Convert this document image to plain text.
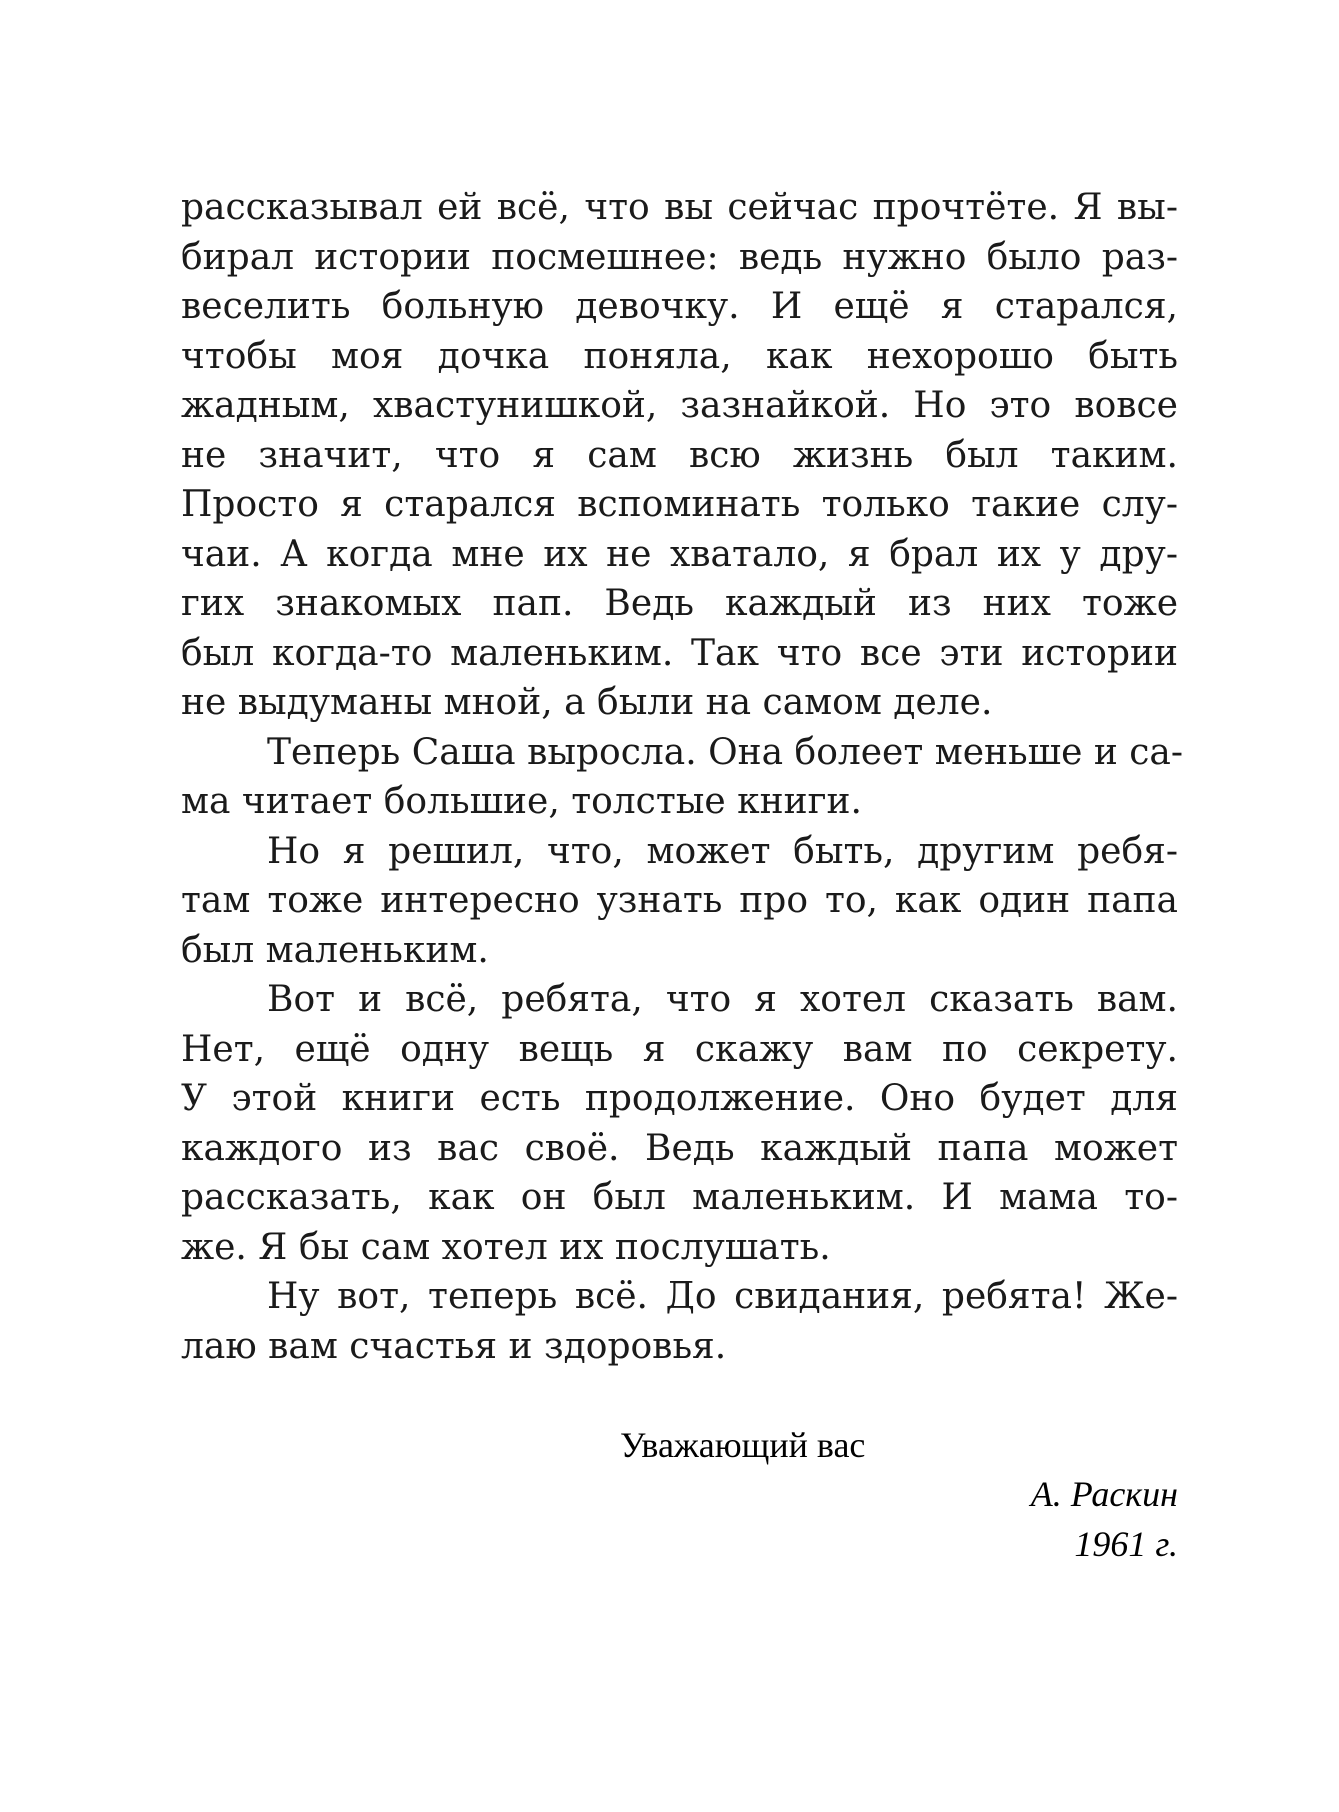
рассказывал ей всё, что вы сейчас прочтёте. Я вы-
бирал истории посмешнее: ведь нужно было раз-
веселить больную девочку. И ещё я старался,
чтобы моя дочка поняла, как нехорошо быть
жадным, хвастунишкой, зазнайкой. Но это вовсе
не значит, что я сам всю жизнь был таким.
Просто я старался вспоминать только такие слу-
чаи. А когда мне их не хватало, я брал их у дру-
гих знакомых пап. Ведь каждый из них тоже
был когда-то маленьким. Так что все эти истории
не выдуманы мной, а были на самом деле.
Теперь Саша выросла. Она болеет меньше и са-
ма читает большие, толстые книги.
Но я решил, что, может быть, другим ребя-
там тоже интересно узнать про то, как один папа
был маленьким.
Вот и всё, ребята, что я хотел сказать вам.
Нет, ещё одну вещь я скажу вам по секрету.
У этой книги есть продолжение. Оно будет для
каждого из вас своё. Ведь каждый папа может
рассказать, как он был маленьким. И мама то-
же. Я бы сам хотел их послушать.
Ну вот, теперь всё. До свидания, ребята! Же-
лаю вам счастья и здоровья.
Уважающий вас
А. Раскин
1961 г.
